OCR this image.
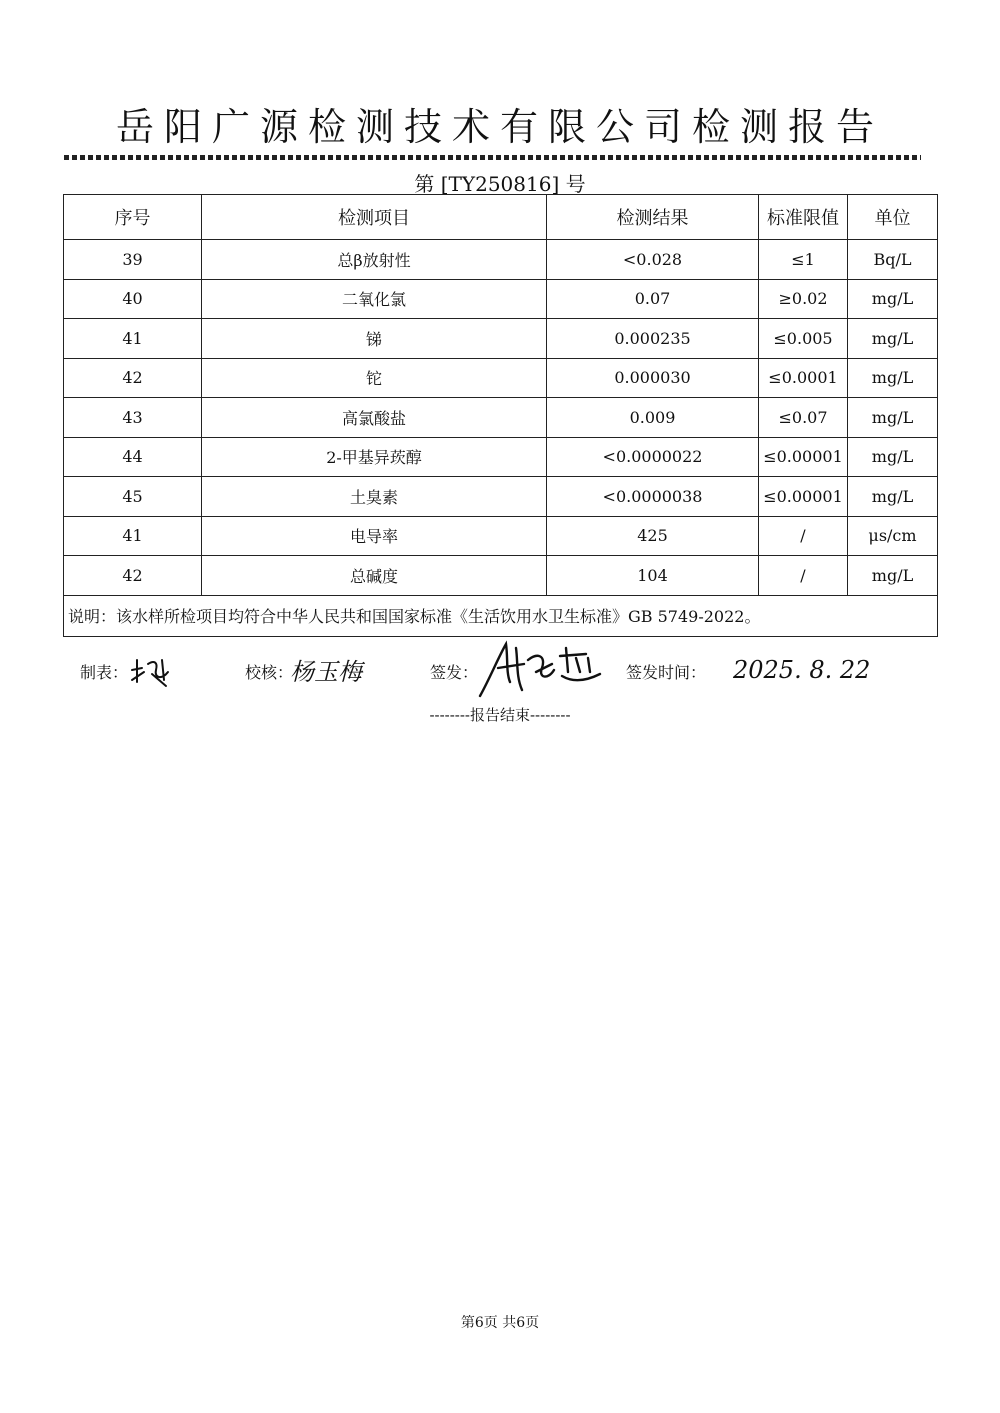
岳阳广源检测技术有限公司检测报告
第 [TY250816] 号
序号	检测项目	检测结果	标准限值	单位
39	总β放射性	<0.028	≤1	Bq/L
40	二氧化氯	0.07	≥0.02	mg/L
41	锑	0.000235	≤0.005	mg/L
42	铊	0.000030	≤0.0001	mg/L
43	高氯酸盐	0.009	≤0.07	mg/L
44	2-甲基异莰醇	<0.0000022	≤0.00001	mg/L
45	土臭素	<0.0000038	≤0.00001	mg/L
41	电导率	425	/	μs/cm
42	总碱度	104	/	mg/L
说明：该水样所检项目均符合中华人民共和国国家标准《生活饮用水卫生标准》GB 5749-2022。				
制表：	校核：
杨玉梅	签发：	签发时间： 2025. 8. 22
--------报告结束--------
第6页 共6页
